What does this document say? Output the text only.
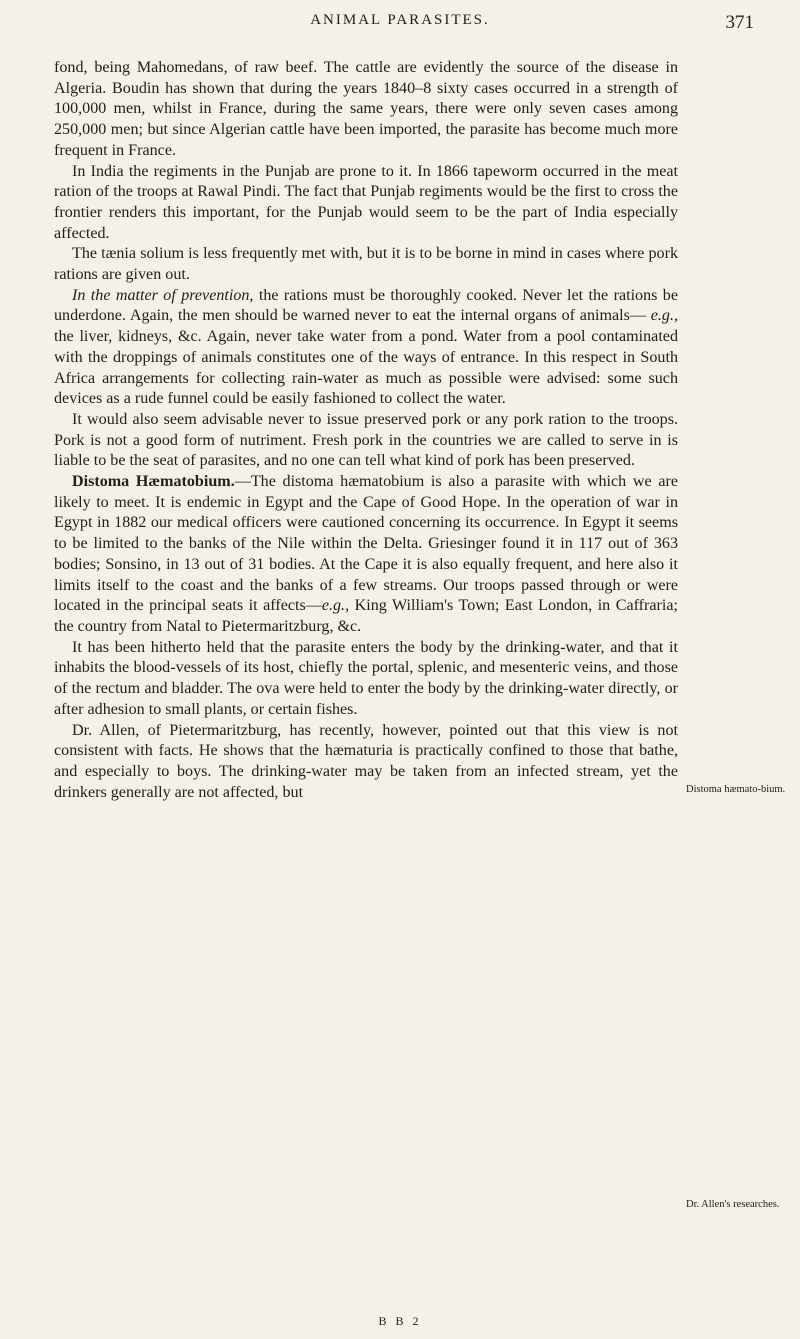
ANIMAL PARASITES.	371

fond, being Mahomedans, of raw beef. The cattle are evidently the source of the disease in Algeria. Boudin has shown that during the years 1840–8 sixty cases occurred in a strength of 100,000 men, whilst in France, during the same years, there were only seven cases among 250,000 men; but since Algerian cattle have been imported, the parasite has become much more frequent in France.

In India the regiments in the Punjab are prone to it. In 1866 tapeworm occurred in the meat ration of the troops at Rawal Pindi. The fact that Punjab regiments would be the first to cross the frontier renders this important, for the Punjab would seem to be the part of India especially affected.

The tænia solium is less frequently met with, but it is to be borne in mind in cases where pork rations are given out.

In the matter of prevention, the rations must be thoroughly cooked. Never let the rations be underdone. Again, the men should be warned never to eat the internal organs of animals— e.g., the liver, kidneys, &c. Again, never take water from a pond. Water from a pool contaminated with the droppings of animals constitutes one of the ways of entrance. In this respect in South Africa arrangements for collecting rain-water as much as possible were advised: some such devices as a rude funnel could be easily fashioned to collect the water.

It would also seem advisable never to issue preserved pork or any pork ration to the troops. Pork is not a good form of nutriment. Fresh pork in the countries we are called to serve in is liable to be the seat of parasites, and no one can tell what kind of pork has been preserved.

Distoma Hæmatobium.—The distoma hæmatobium is also a parasite with which we are likely to meet. It is endemic in Egypt and the Cape of Good Hope. In the operation of war in Egypt in 1882 our medical officers were cautioned concerning its occurrence. In Egypt it seems to be limited to the banks of the Nile within the Delta. Griesinger found it in 117 out of 363 bodies; Sonsino, in 13 out of 31 bodies. At the Cape it is also equally frequent, and here also it limits itself to the coast and the banks of a few streams. Our troops passed through or were located in the principal seats it affects—e.g., King William's Town; East London, in Caffraria; the country from Natal to Pietermaritzburg, &c.

It has been hitherto held that the parasite enters the body by the drinking-water, and that it inhabits the blood-vessels of its host, chiefly the portal, splenic, and mesenteric veins, and those of the rectum and bladder. The ova were held to enter the body by the drinking-water directly, or after adhesion to small plants, or certain fishes.

Dr. Allen, of Pietermaritzburg, has recently, however, pointed out that this view is not consistent with facts. He shows that the hæmaturia is practically confined to those that bathe, and especially to boys. The drinking-water may be taken from an infected stream, yet the drinkers generally are not affected, but	Distoma hæmato-bium.
Dr. Allen's researches.
B B 2
